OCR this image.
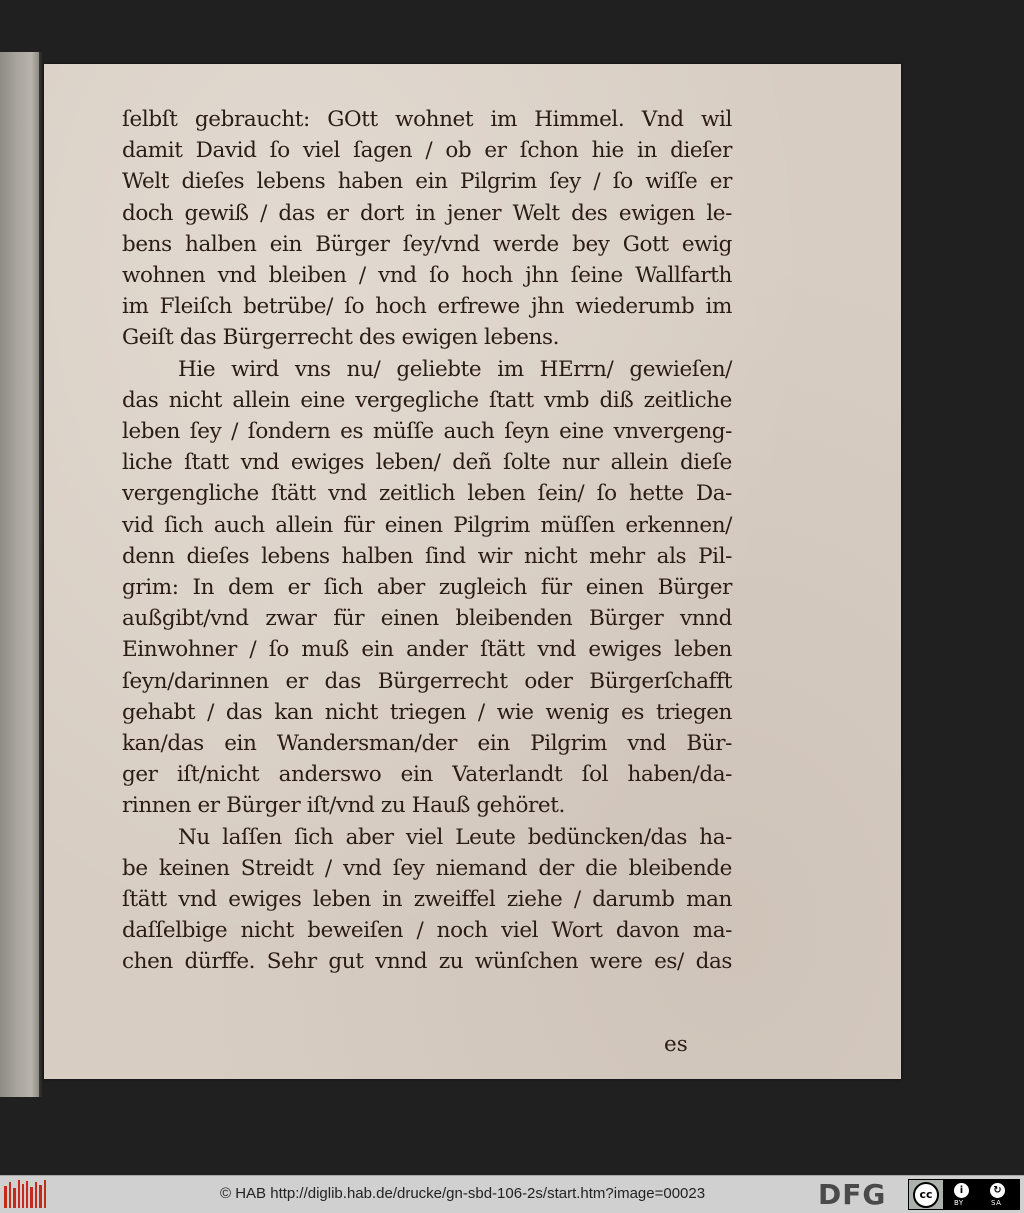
ſelbſt gebraucht: GOtt wohnet im Himmel. Vnd wil
damit David ſo viel ſagen / ob er ſchon hie in dieſer
Welt dieſes lebens haben ein Pilgrim ſey / ſo wiſſe er
doch gewiß / das er dort in jener Welt des ewigen le-
bens halben ein Bürger ſey/vnd werde bey Gott ewig
wohnen vnd bleiben / vnd ſo hoch jhn ſeine Wallfarth
im Fleiſch betrübe/ ſo hoch erfrewe jhn wiederumb im
Geiſt das Bürgerrecht des ewigen lebens.
Hie wird vns nu/ geliebte im HErrn/ gewieſen/
das nicht allein eine vergegliche ſtatt vmb diß zeitliche
leben ſey / ſondern es müſſe auch ſeyn eine vnvergeng-
liche ſtatt vnd ewiges leben/ deñ ſolte nur allein dieſe
vergengliche ſtätt vnd zeitlich leben ſein/ ſo hette Da-
vid ſich auch allein für einen Pilgrim müſſen erkennen/
denn dieſes lebens halben ſind wir nicht mehr als Pil-
grim: In dem er ſich aber zugleich für einen Bürger
außgibt/vnd zwar für einen bleibenden Bürger vnnd
Einwohner / ſo muß ein ander ſtätt vnd ewiges leben
ſeyn/darinnen er das Bürgerrecht oder Bürgerſchafft
gehabt / das kan nicht triegen / wie wenig es triegen
kan/das ein Wandersman/der ein Pilgrim vnd Bür-
ger iſt/nicht anderswo ein Vaterlandt ſol haben/da-
rinnen er Bürger iſt/vnd zu Hauß gehöret.
Nu laſſen ſich aber viel Leute bedüncken/das ha-
be keinen Streidt / vnd ſey niemand der die bleibende
ſtätt vnd ewiges leben in zweiffel ziehe / darumb man
daſſelbige nicht beweiſen / noch viel Wort davon ma-
chen dürffe. Sehr gut vnnd zu wünſchen were es/ das
es
© HAB http://diglib.hab.de/drucke/gn-sbd-106-2s/start.htm?image=00023	DFG	cc	i	↻
BY	SA
